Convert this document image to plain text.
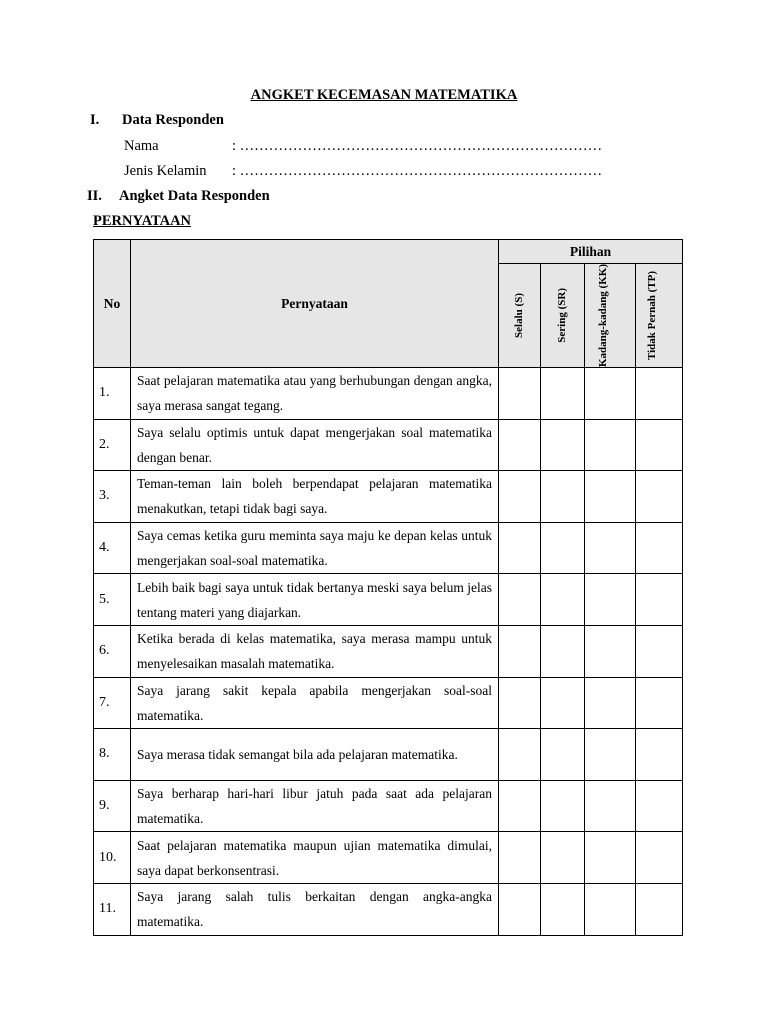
ANGKET KECEMASAN MATEMATIKA
I. Data Responden
Nama	: …………………………………………………………………
Jenis Kelamin : …………………………………………………………………
II. Angket Data Responden
PERNYATAAN
No	Pernyataan	Pilihan			

		Selalu (S)	Sering (SR)	Kadang-kadang (KK)	Tidak Pernah (TP)

1.	Saat pelajaran matematika atau yang berhubungan dengan angka, saya merasa sangat tegang.				
2.	Saya selalu optimis untuk dapat mengerjakan soal matematika dengan benar.				
3.	Teman-teman lain boleh berpendapat pelajaran matematika menakutkan, tetapi tidak bagi saya.				
4.	Saya cemas ketika guru meminta saya maju ke depan kelas untuk mengerjakan soal-soal matematika.				
5.	Lebih baik bagi saya untuk tidak bertanya meski saya belum jelas tentang materi yang diajarkan.				
6.	Ketika berada di kelas matematika, saya merasa mampu untuk menyelesaikan masalah matematika.				
7.	Saya jarang sakit kepala apabila mengerjakan soal-soal matematika.				
8.	Saya merasa tidak semangat bila ada pelajaran matematika.				
9.	Saya berharap hari-hari libur jatuh pada saat ada pelajaran matematika.				
10.	Saat pelajaran matematika maupun ujian matematika dimulai, saya dapat berkonsentrasi.				
11.	Saya jarang salah tulis berkaitan dengan angka-angka matematika.				
